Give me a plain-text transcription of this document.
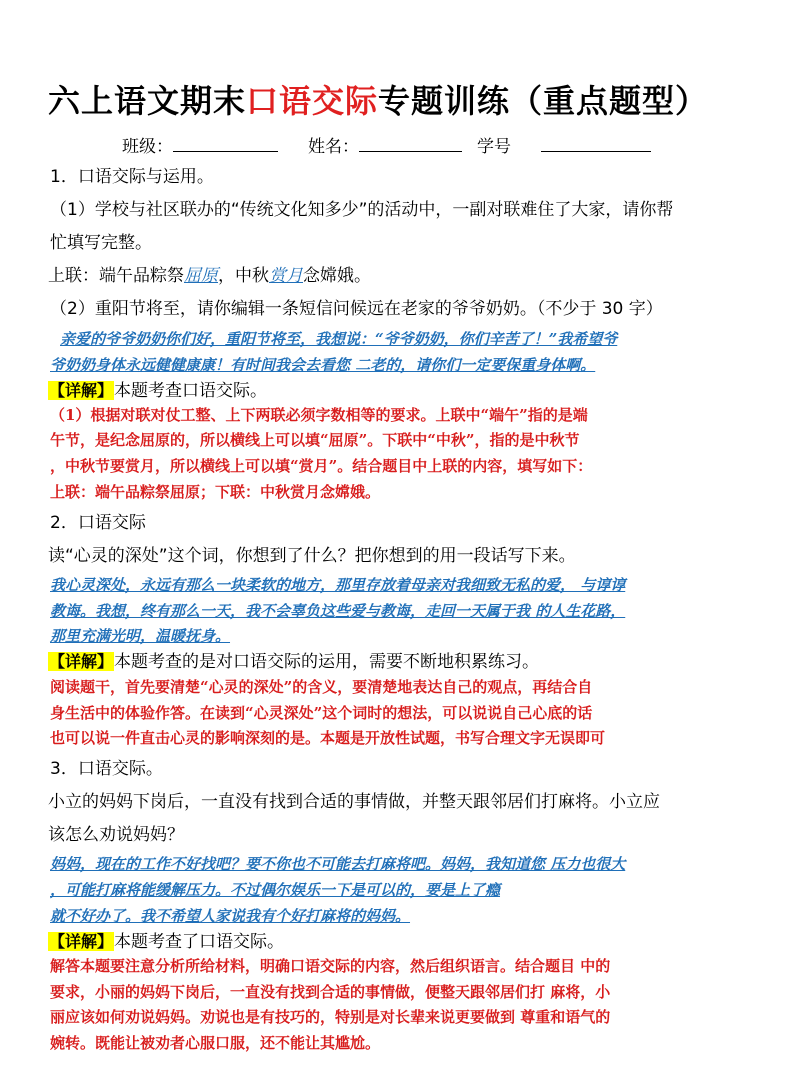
六上语文期末口语交际专题训练（重点题型）
班级：	姓名：	学号
1．口语交际与运用。
（1）学校与社区联办的“传统文化知多少”的活动中，一副对联难住了大家，请你帮
忙填写完整。
上联：端午品粽祭屈原，中秋赏月念嫦娥。
（2）重阳节将至，请你编辑一条短信问候远在老家的爷爷奶奶。（不少于 30 字）
亲爱的爷爷奶奶你们好，重阳节将至，我想说：“爷爷奶奶，你们辛苦了！”我希望爷
爷奶奶身体永远健健康康！有时间我会去看您 二老的，请你们一定要保重身体啊。
【详解】本题考查口语交际。
（1）根据对联对仗工整、上下两联必须字数相等的要求。上联中“端午”指的是端
午节，是纪念屈原的，所以横线上可以填“屈原”。下联中“中秋”，指的是中秋节
，中秋节要赏月，所以横线上可以填“赏月”。结合题目中上联的内容，填写如下：
上联：端午品粽祭屈原；下联：中秋赏月念嫦娥。
2．口语交际
读“心灵的深处”这个词，你想到了什么？把你想到的用一段话写下来。
我心灵深处，永远有那么一块柔软的地方，那里存放着母亲对我细致无私的爱， 与谆谆
教诲。我想，终有那么一天，我不会辜负这些爱与教诲，走回一天属于我 的人生花路，
那里充满光明，温暖抚身。
【详解】本题考查的是对口语交际的运用，需要不断地积累练习。
阅读题干，首先要清楚“心灵的深处”的含义，要清楚地表达自己的观点，再结合自
身生活中的体验作答。在读到“心灵深处”这个词时的想法，可以说说自己心底的话
也可以说一件直击心灵的影响深刻的是。本题是开放性试题，书写合理文字无误即可
3．口语交际。
小立的妈妈下岗后，一直没有找到合适的事情做，并整天跟邻居们打麻将。小立应
该怎么劝说妈妈？
妈妈，现在的工作不好找吧？要不你也不可能去打麻将吧。妈妈，我知道您 压力也很大
，可能打麻将能缓解压力。不过偶尔娱乐一下是可以的，要是上了瘾
就不好办了。我不希望人家说我有个好打麻将的妈妈。
【详解】本题考查了口语交际。
解答本题要注意分析所给材料，明确口语交际的内容，然后组织语言。结合题目 中的
要求，小丽的妈妈下岗后，一直没有找到合适的事情做，便整天跟邻居们打 麻将，小
丽应该如何劝说妈妈。劝说也是有技巧的，特别是对长辈来说更要做到 尊重和语气的
婉转。既能让被劝者心服口服，还不能让其尴尬。
